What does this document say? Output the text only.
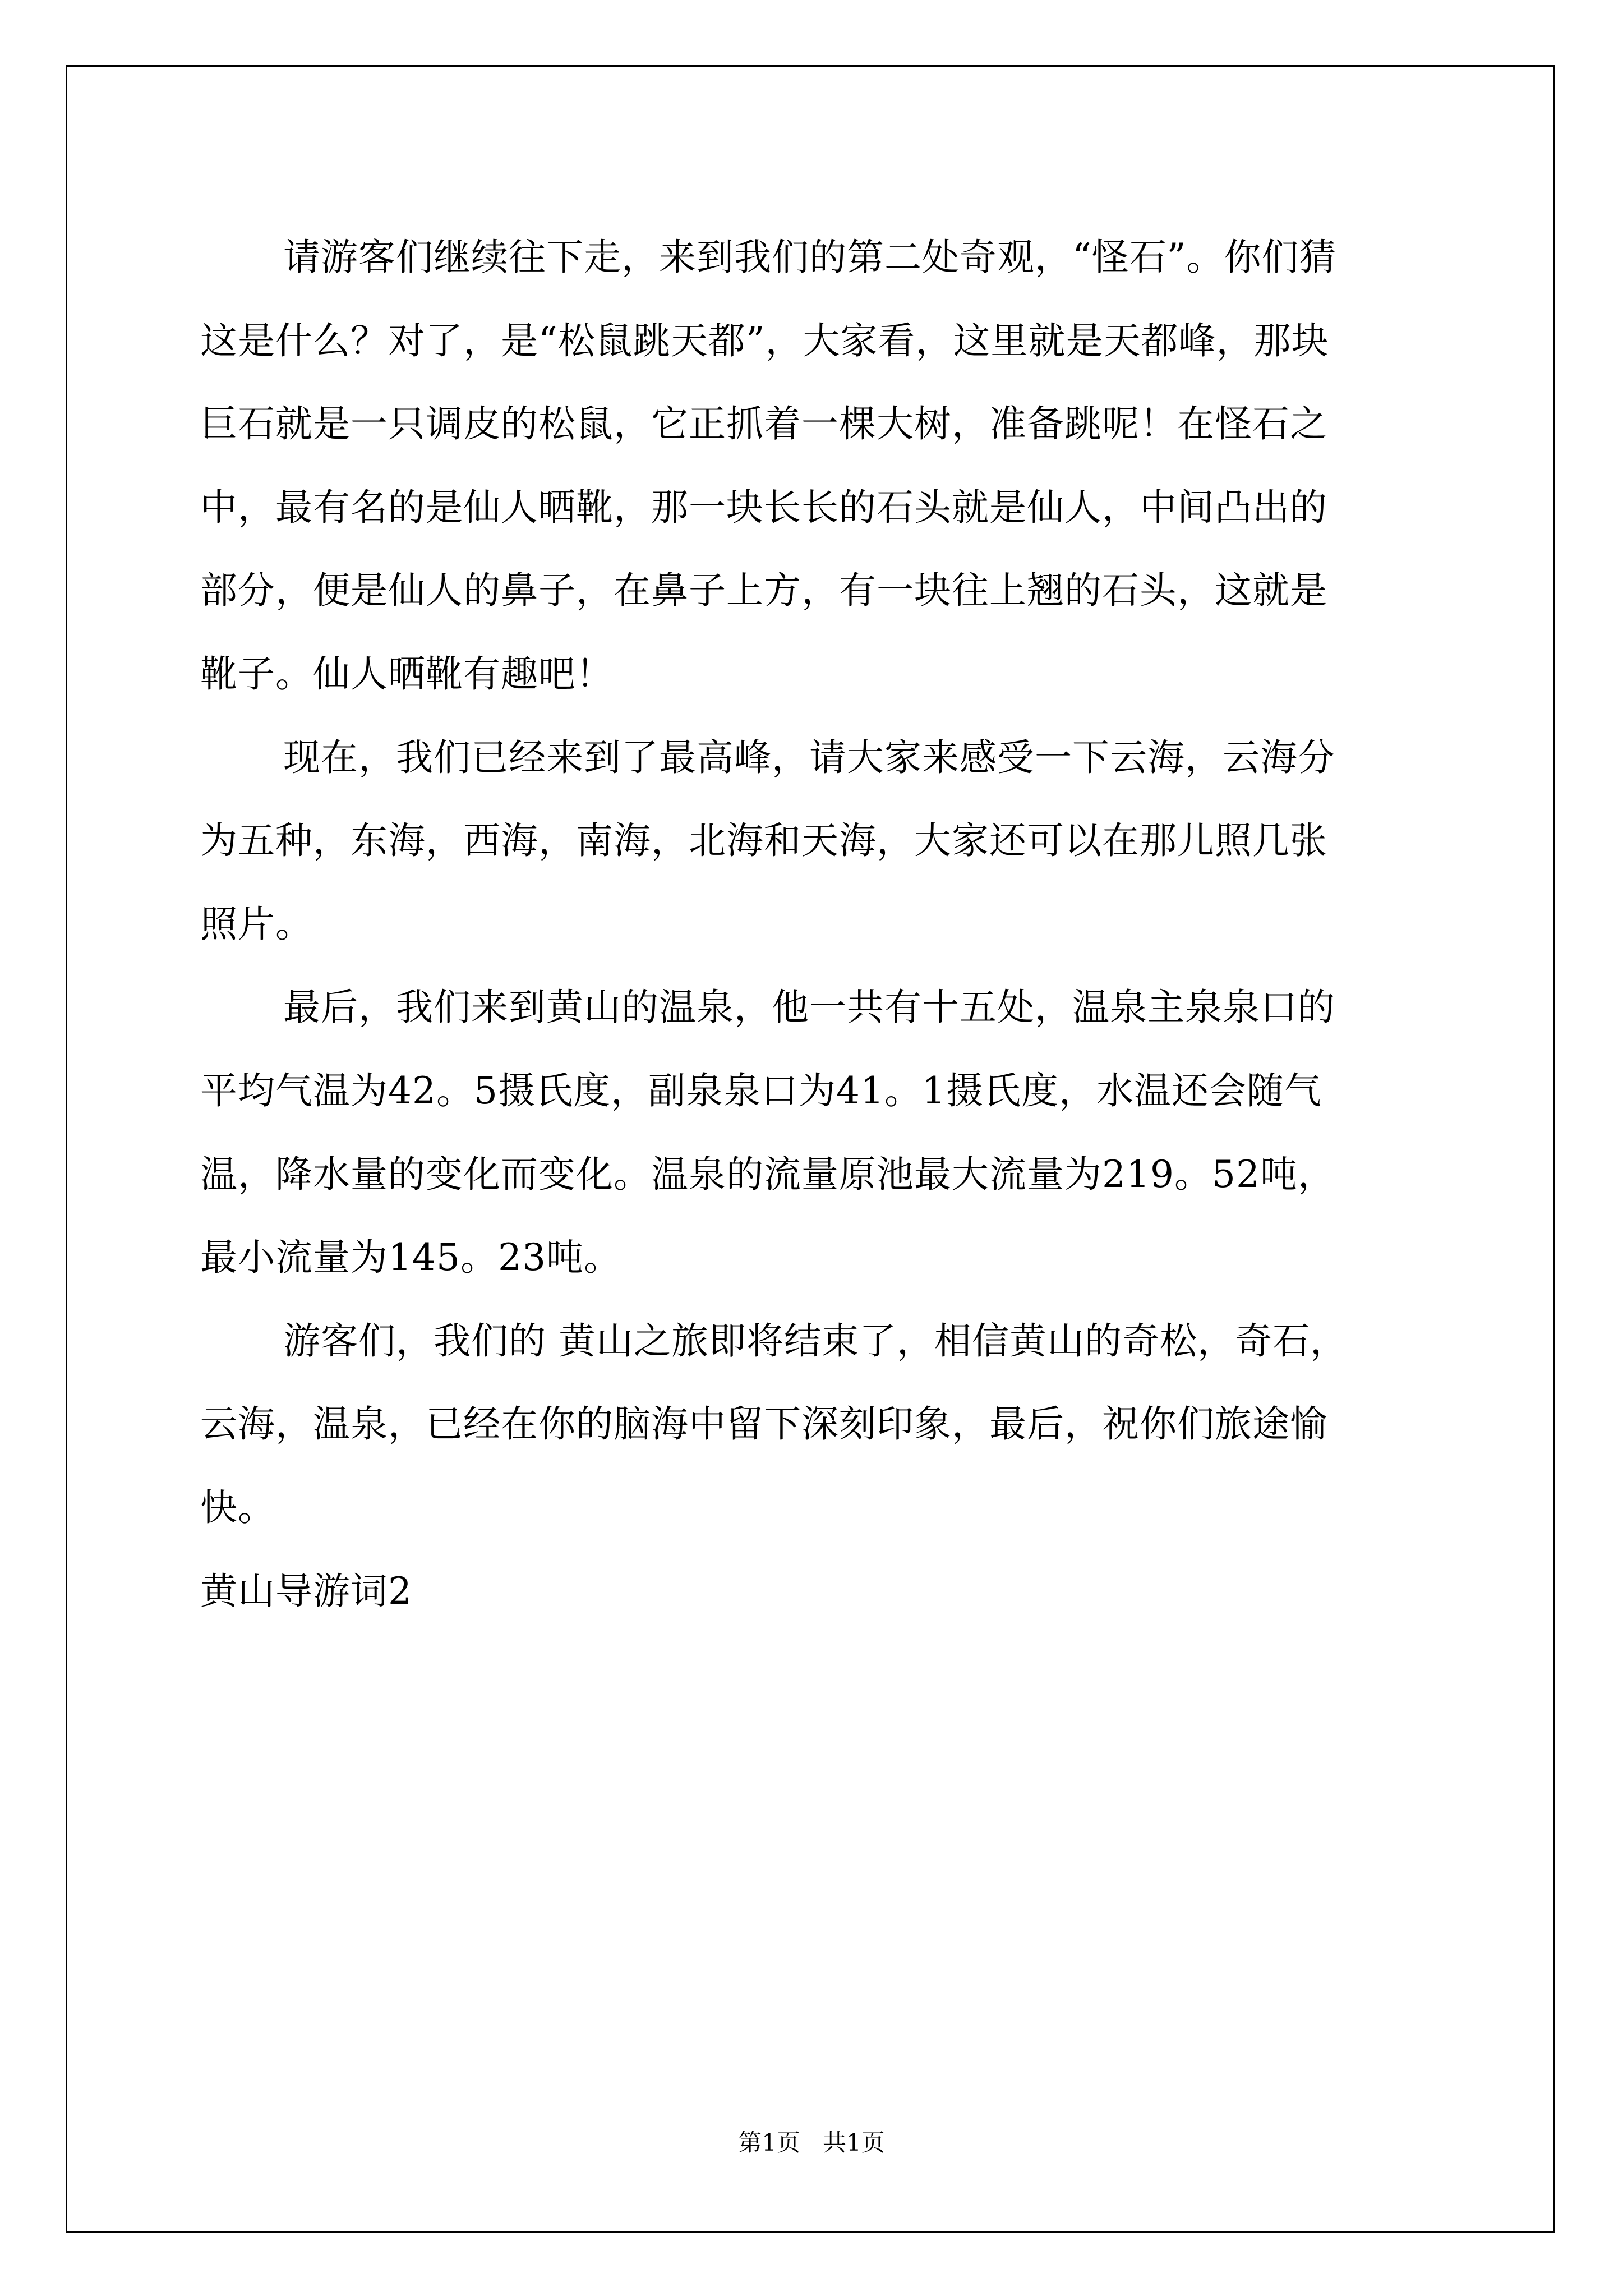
请游客们继续往下走，来到我们的第二处奇观，“怪石”。你们猜
这是什么？对了，是“松鼠跳天都”，大家看，这里就是天都峰，那块
巨石就是一只调皮的松鼠，它正抓着一棵大树，准备跳呢！在怪石之
中，最有名的是仙人晒靴，那一块长长的石头就是仙人，中间凸出的
部分，便是仙人的鼻子，在鼻子上方，有一块往上翘的石头，这就是
靴子。仙人晒靴有趣吧！
现在，我们已经来到了最高峰，请大家来感受一下云海，云海分
为五种，东海，西海，南海，北海和天海，大家还可以在那儿照几张
照片。
最后，我们来到黄山的温泉，他一共有十五处，温泉主泉泉口的
平均气温为42。5摄氏度，副泉泉口为41。1摄氏度，水温还会随气
温，降水量的变化而变化。温泉的流量原池最大流量为219。52吨，
最小流量为145。23吨。
游客们，我们的 黄山之旅即将结束了，相信黄山的奇松，奇石，
云海，温泉，已经在你的脑海中留下深刻印象，最后，祝你们旅途愉
快。
黄山导游词2
第1页   共1页
